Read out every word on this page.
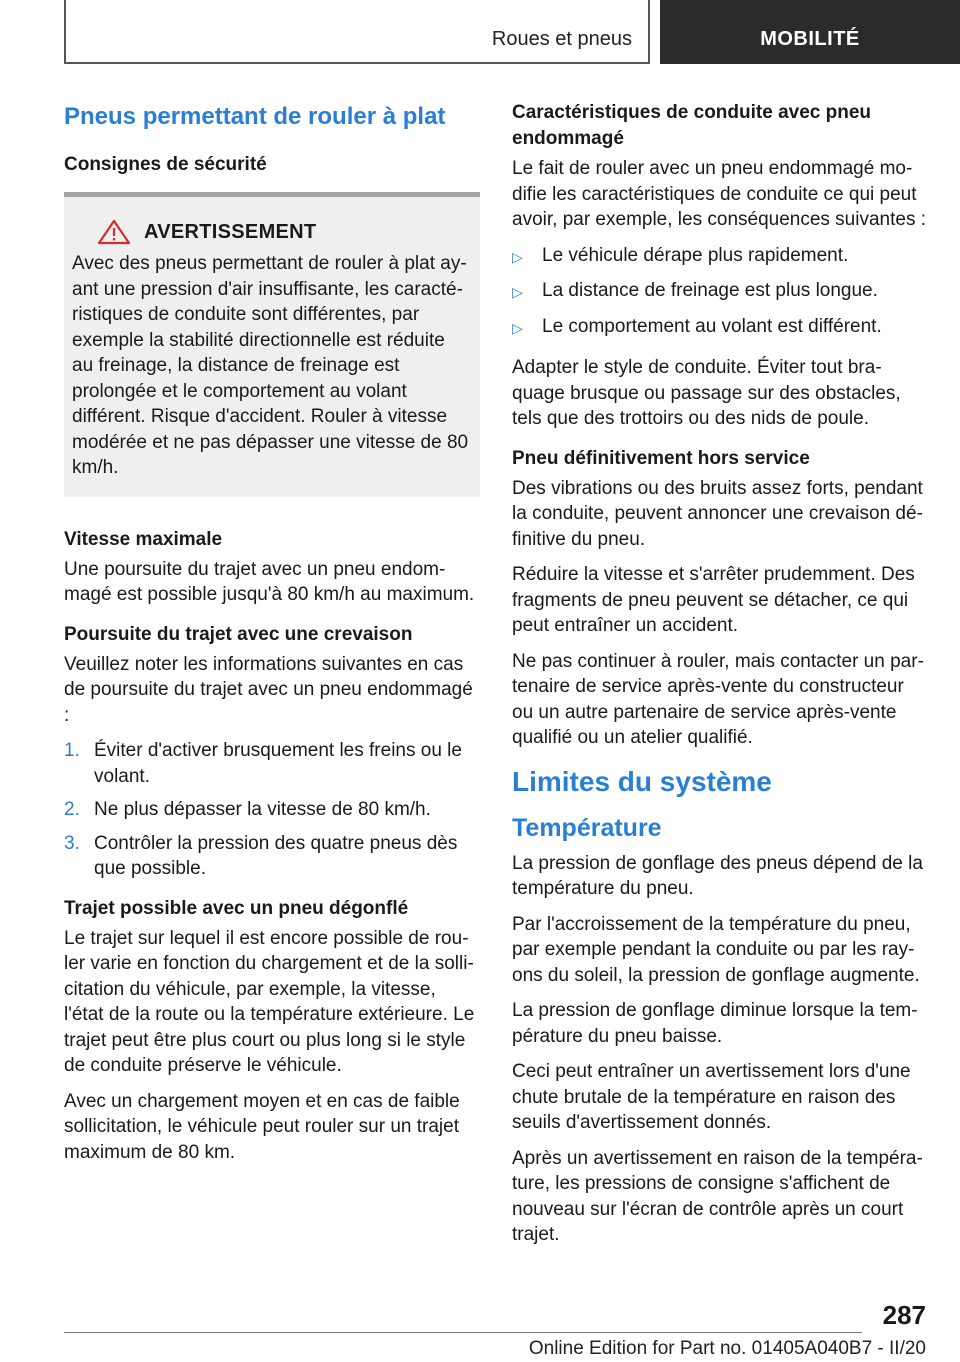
Roues et pneus	MOBILITÉ
Pneus permettant de rouler à plat
Consignes de sécurité
AVERTISSEMENT

Avec des pneus permettant de rouler à plat ayant une pression d'air insuffisante, les caractéristiques de conduite sont différentes, par exemple la stabilité directionnelle est réduite au freinage, la distance de freinage est prolongée et le comportement au volant différent. Risque d'accident. Rouler à vitesse modérée et ne pas dépasser une vitesse de 80 km/h.

Vitesse maximale

Une poursuite du trajet avec un pneu endommagé est possible jusqu'à 80 km/h au maximum.

Poursuite du trajet avec une crevaison

Veuillez noter les informations suivantes en cas de poursuite du trajet avec un pneu endommagé :

1. Éviter d'activer brusquement les freins ou le volant.
2. Ne plus dépasser la vitesse de 80 km/h.
3. Contrôler la pression des quatre pneus dès que possible.
Trajet possible avec un pneu dégonflé

Le trajet sur lequel il est encore possible de rouler varie en fonction du chargement et de la sollicitation du véhicule, par exemple, la vitesse, l'état de la route ou la température extérieure. Le trajet peut être plus court ou plus long si le style de conduite préserve le véhicule.

Avec un chargement moyen et en cas de faible sollicitation, le véhicule peut rouler sur un trajet maximum de 80 km.

Caractéristiques de conduite avec pneu endommagé

Le fait de rouler avec un pneu endommagé modifie les caractéristiques de conduite ce qui peut avoir, par exemple, les conséquences suivantes :

▷	Le véhicule dérape plus rapidement.
▷	La distance de freinage est plus longue.
▷	Le comportement au volant est différent.

Adapter le style de conduite. Éviter tout braquage brusque ou passage sur des obstacles, tels que des trottoirs ou des nids de poule.

Pneu définitivement hors service

Des vibrations ou des bruits assez forts, pendant la conduite, peuvent annoncer une crevaison définitive du pneu.

Réduire la vitesse et s'arrêter prudemment. Des fragments de pneu peuvent se détacher, ce qui peut entraîner un accident.

Ne pas continuer à rouler, mais contacter un partenaire de service après-vente du constructeur ou un autre partenaire de service après-vente qualifié ou un atelier qualifié.

Limites du système
Température

La pression de gonflage des pneus dépend de la température du pneu.

Par l'accroissement de la température du pneu, par exemple pendant la conduite ou par les rayons du soleil, la pression de gonflage augmente.

La pression de gonflage diminue lorsque la température du pneu baisse.

Ceci peut entraîner un avertissement lors d'une chute brutale de la température en raison des seuils d'avertissement donnés.

Après un avertissement en raison de la température, les pressions de consigne s'affichent de nouveau sur l'écran de contrôle après un court trajet.

287
Online Edition for Part no. 01405A040B7 - II/20
